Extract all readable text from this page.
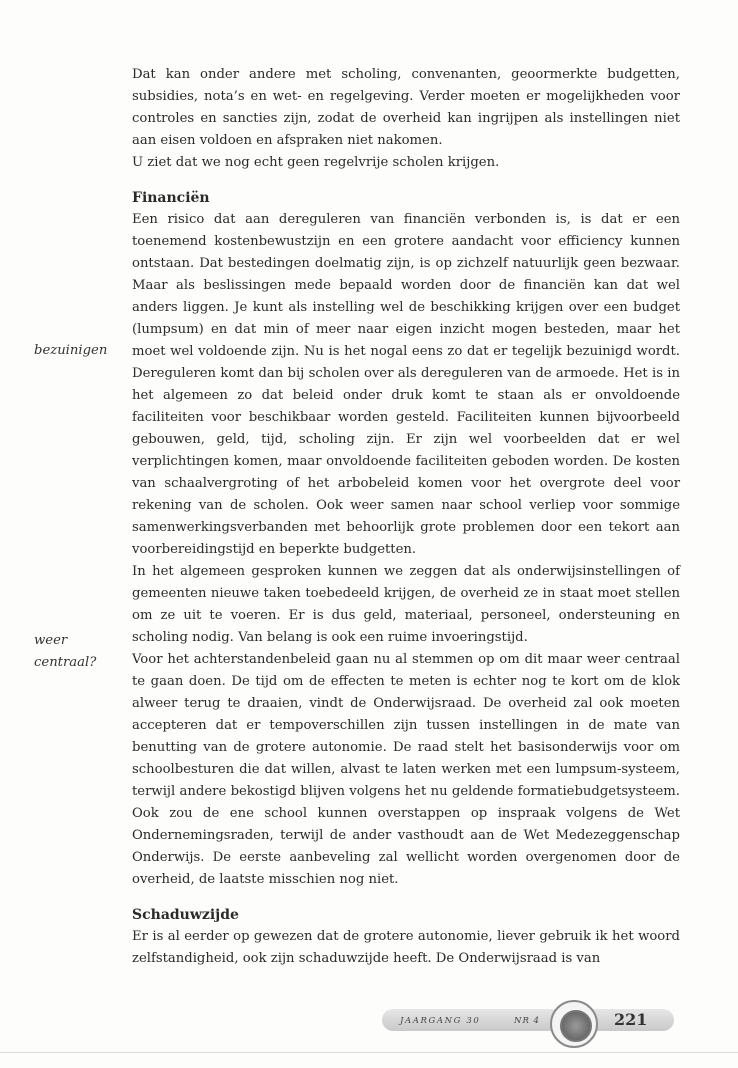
bezuinigen
weer
centraal?

Dat kan onder andere met scholing, convenanten, geoormerkte budgetten, subsidies, nota’s en wet- en regelgeving. Verder moeten er mogelijkheden voor controles en sancties zijn, zodat de overheid kan ingrijpen als instellingen niet aan eisen voldoen en afspraken niet nakomen.

U ziet dat we nog echt geen regelvrije scholen krijgen.

Financiën

Een risico dat aan dereguleren van financiën verbonden is, is dat er een toenemend kostenbewustzijn en een grotere aandacht voor efficiency kunnen ontstaan. Dat bestedingen doelmatig zijn, is op zichzelf natuurlijk geen bezwaar. Maar als beslissingen mede bepaald worden door de financiën kan dat wel anders liggen. Je kunt als instelling wel de beschikking krijgen over een budget (lumpsum) en dat min of meer naar eigen inzicht mogen besteden, maar het moet wel voldoende zijn. Nu is het nogal eens zo dat er tegelijk bezuinigd wordt. Dereguleren komt dan bij scholen over als dereguleren van de armoede. Het is in het algemeen zo dat beleid onder druk komt te staan als er onvoldoende faciliteiten voor beschikbaar worden gesteld. Faciliteiten kunnen bijvoorbeeld gebouwen, geld, tijd, scholing zijn. Er zijn wel voorbeelden dat er wel verplichtingen komen, maar onvoldoende faciliteiten geboden worden. De kosten van schaalvergroting of het arbobeleid komen voor het overgrote deel voor rekening van de scholen. Ook weer samen naar school verliep voor sommige samenwerkingsverbanden met behoorlijk grote problemen door een tekort aan voorbereidingstijd en beperkte budgetten.

In het algemeen gesproken kunnen we zeggen dat als onderwijsinstellingen of gemeenten nieuwe taken toebedeeld krijgen, de overheid ze in staat moet stellen om ze uit te voeren. Er is dus geld, materiaal, personeel, ondersteuning en scholing nodig. Van belang is ook een ruime invoeringstijd.

Voor het achterstandenbeleid gaan nu al stemmen op om dit maar weer centraal te gaan doen. De tijd om de effecten te meten is echter nog te kort om de klok alweer terug te draaien, vindt de Onderwijsraad. De overheid zal ook moeten accepteren dat er tempoverschillen zijn tussen instellingen in de mate van benutting van de grotere autonomie. De raad stelt het basisonderwijs voor om schoolbesturen die dat willen, alvast te laten werken met een lumpsum-systeem, terwijl andere bekostigd blijven volgens het nu geldende formatiebudgetsysteem. Ook zou de ene school kunnen overstappen op inspraak volgens de Wet Ondernemingsraden, terwijl de ander vasthoudt aan de Wet Medezeggenschap Onderwijs. De eerste aanbeveling zal wellicht worden overgenomen door de overheid, de laatste misschien nog niet.

Schaduwzijde

Er is al eerder op gewezen dat de grotere autonomie, liever gebruik ik het woord zelfstandigheid, ook zijn schaduwzijde heeft. De Onderwijsraad is van

JAARGANG 30	NR 4	221
